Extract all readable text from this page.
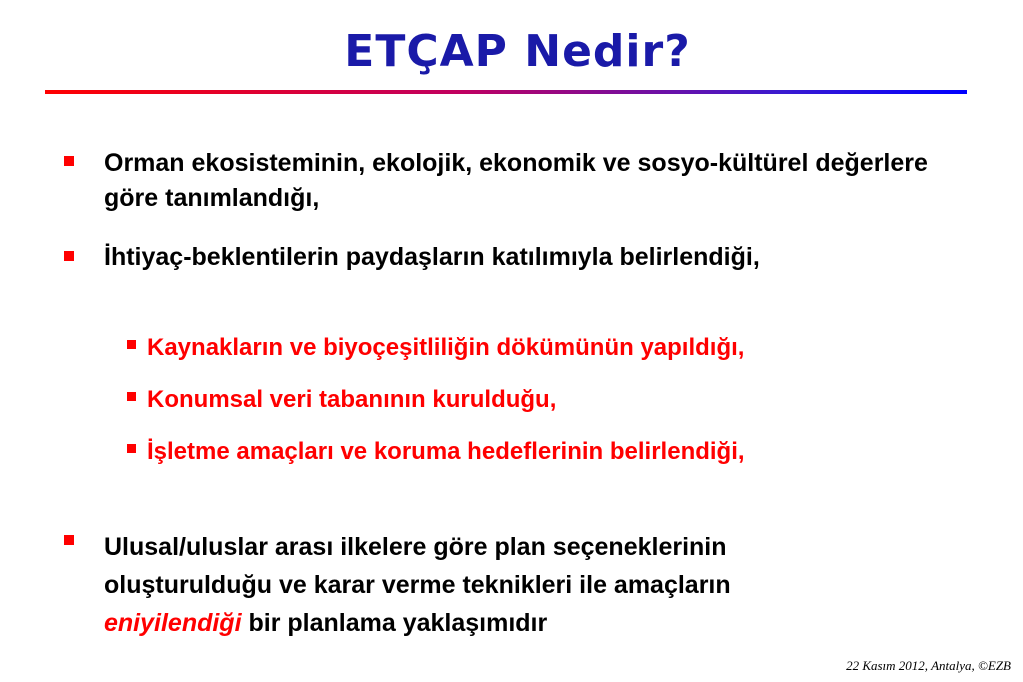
ETÇAP Nedir?
Orman ekosisteminin, ekolojik, ekonomik ve sosyo-kültürel değerlere göre tanımlandığı,
İhtiyaç-beklentilerin paydaşların katılımıyla belirlendiği,
Kaynakların ve biyoçeşitliliğin dökümünün yapıldığı,
Konumsal veri tabanının kurulduğu,
İşletme amaçları ve koruma hedeflerinin belirlendiği,
Ulusal/uluslar arası ilkelere göre plan seçeneklerinin
oluşturulduğu ve karar verme teknikleri ile amaçların
eniyilendiği bir planlama yaklaşımıdır
22 Kasım 2012, Antalya, ©EZB
